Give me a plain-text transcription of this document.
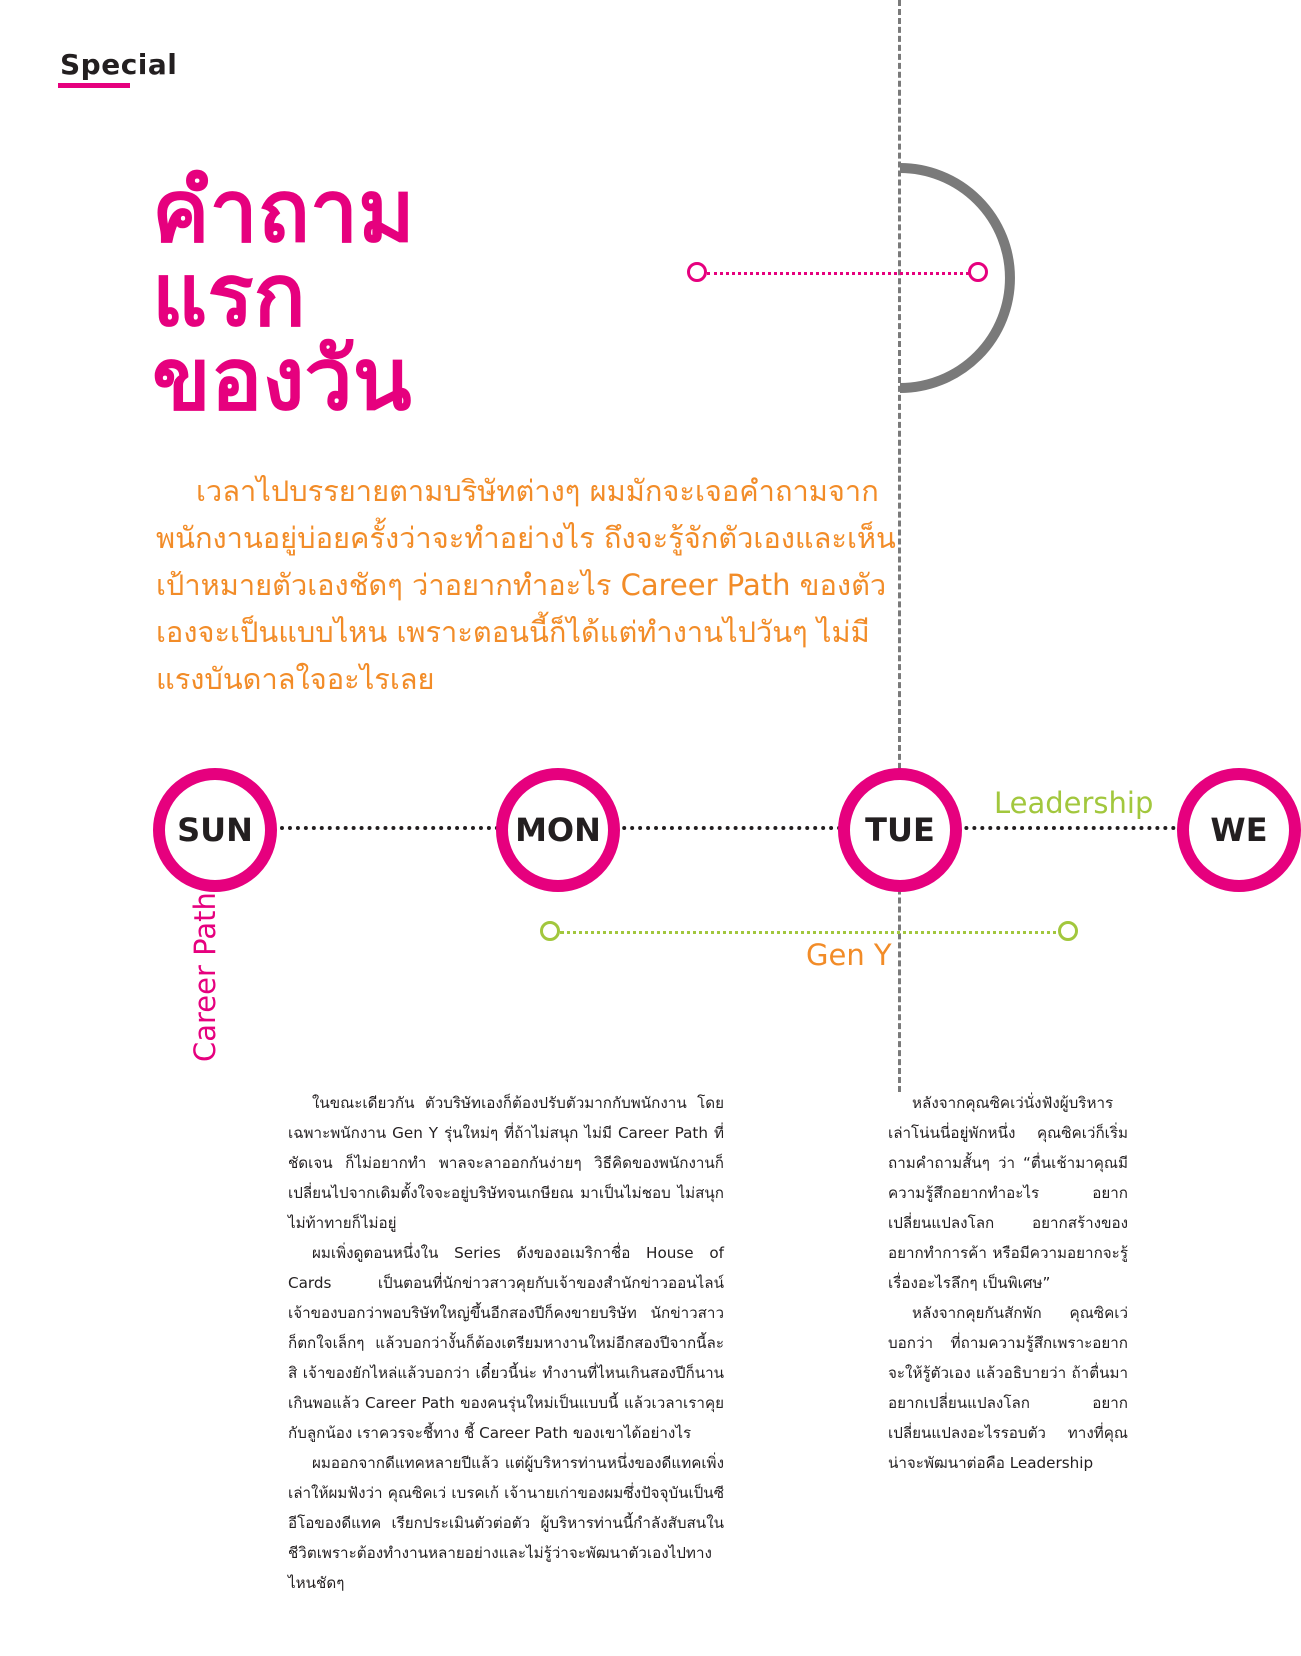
Special
คำถาม
แรก
ของวัน

เวลาไปบรรยายตามบริษัทต่างๆ ผมมักจะเจอคำถามจากพนักงานอยู่บ่อยครั้งว่าจะทำอย่างไร ถึงจะรู้จักตัวเองและเห็นเป้าหมายตัวเองชัดๆ ว่าอยากทำอะไร Career Path ของตัวเองจะเป็นแบบไหน เพราะตอนนี้ก็ได้แต่ทำงานไปวันๆ ไม่มีแรงบันดาลใจอะไรเลย

SUN	MON	TUE	WE
Leadership
Gen Y
Career Path

ในขณะเดียวกัน ตัวบริษัทเองก็ต้องปรับตัวมากกับพนักงาน โดยเฉพาะพนักงาน Gen Y รุ่นใหม่ๆ ที่ถ้าไม่สนุก ไม่มี Career Path ที่ชัดเจน ก็ไม่อยากทำ พาลจะลาออกกันง่ายๆ วิธีคิดของพนักงานก็เปลี่ยนไปจากเดิมตั้งใจจะอยู่บริษัทจนเกษียณ มาเป็นไม่ชอบ ไม่สนุก ไม่ท้าทายก็ไม่อยู่

ผมเพิ่งดูตอนหนึ่งใน Series ดังของอเมริกาชื่อ House of Cards เป็นตอนที่นักข่าวสาวคุยกับเจ้าของสำนักข่าวออนไลน์ เจ้าของบอกว่าพอบริษัทใหญ่ขึ้นอีกสองปีก็คงขายบริษัท นักข่าวสาวก็ตกใจเล็กๆ แล้วบอกว่างั้นก็ต้องเตรียมหางานใหม่อีกสองปีจากนี้ละสิ เจ้าของยักไหล่แล้วบอกว่า เดี๋ยวนี้น่ะ ทำงานที่ไหนเกินสองปีก็นานเกินพอแล้ว Career Path ของคนรุ่นใหม่เป็นแบบนี้ แล้วเวลาเราคุยกับลูกน้อง เราควรจะชี้ทาง ชี้ Career Path ของเขาได้อย่างไร

ผมออกจากดีแทคหลายปีแล้ว แต่ผู้บริหารท่านหนึ่งของดีแทคเพิ่งเล่าให้ผมฟังว่า คุณซิคเว่ เบรคเก้ เจ้านายเก่าของผมซึ่งปัจจุบันเป็นซีอีโอของดีแทค เรียกประเมินตัวต่อตัว ผู้บริหารท่านนี้กำลังสับสนในชีวิตเพราะต้องทำงานหลายอย่างและไม่รู้ว่าจะพัฒนาตัวเองไปทางไหนชัดๆ

หลังจากคุณซิคเว่นั่งฟังผู้บริหารเล่าโน่นนี่อยู่พักหนึ่ง คุณซิคเว่ก็เริ่มถามคำถามสั้นๆ ว่า “ตื่นเช้ามาคุณมีความรู้สึกอยากทำอะไร อยากเปลี่ยนแปลงโลก อยากสร้างของ อยากทำการค้า หรือมีความอยากจะรู้เรื่องอะไรลึกๆ เป็นพิเศษ”

หลังจากคุยกันสักพัก คุณซิคเว่บอกว่า ที่ถามความรู้สึกเพราะอยากจะให้รู้ตัวเอง แล้วอธิบายว่า ถ้าตื่นมาอยากเปลี่ยนแปลงโลก อยากเปลี่ยนแปลงอะไรรอบตัว ทางที่คุณน่าจะพัฒนาต่อคือ Leadership
